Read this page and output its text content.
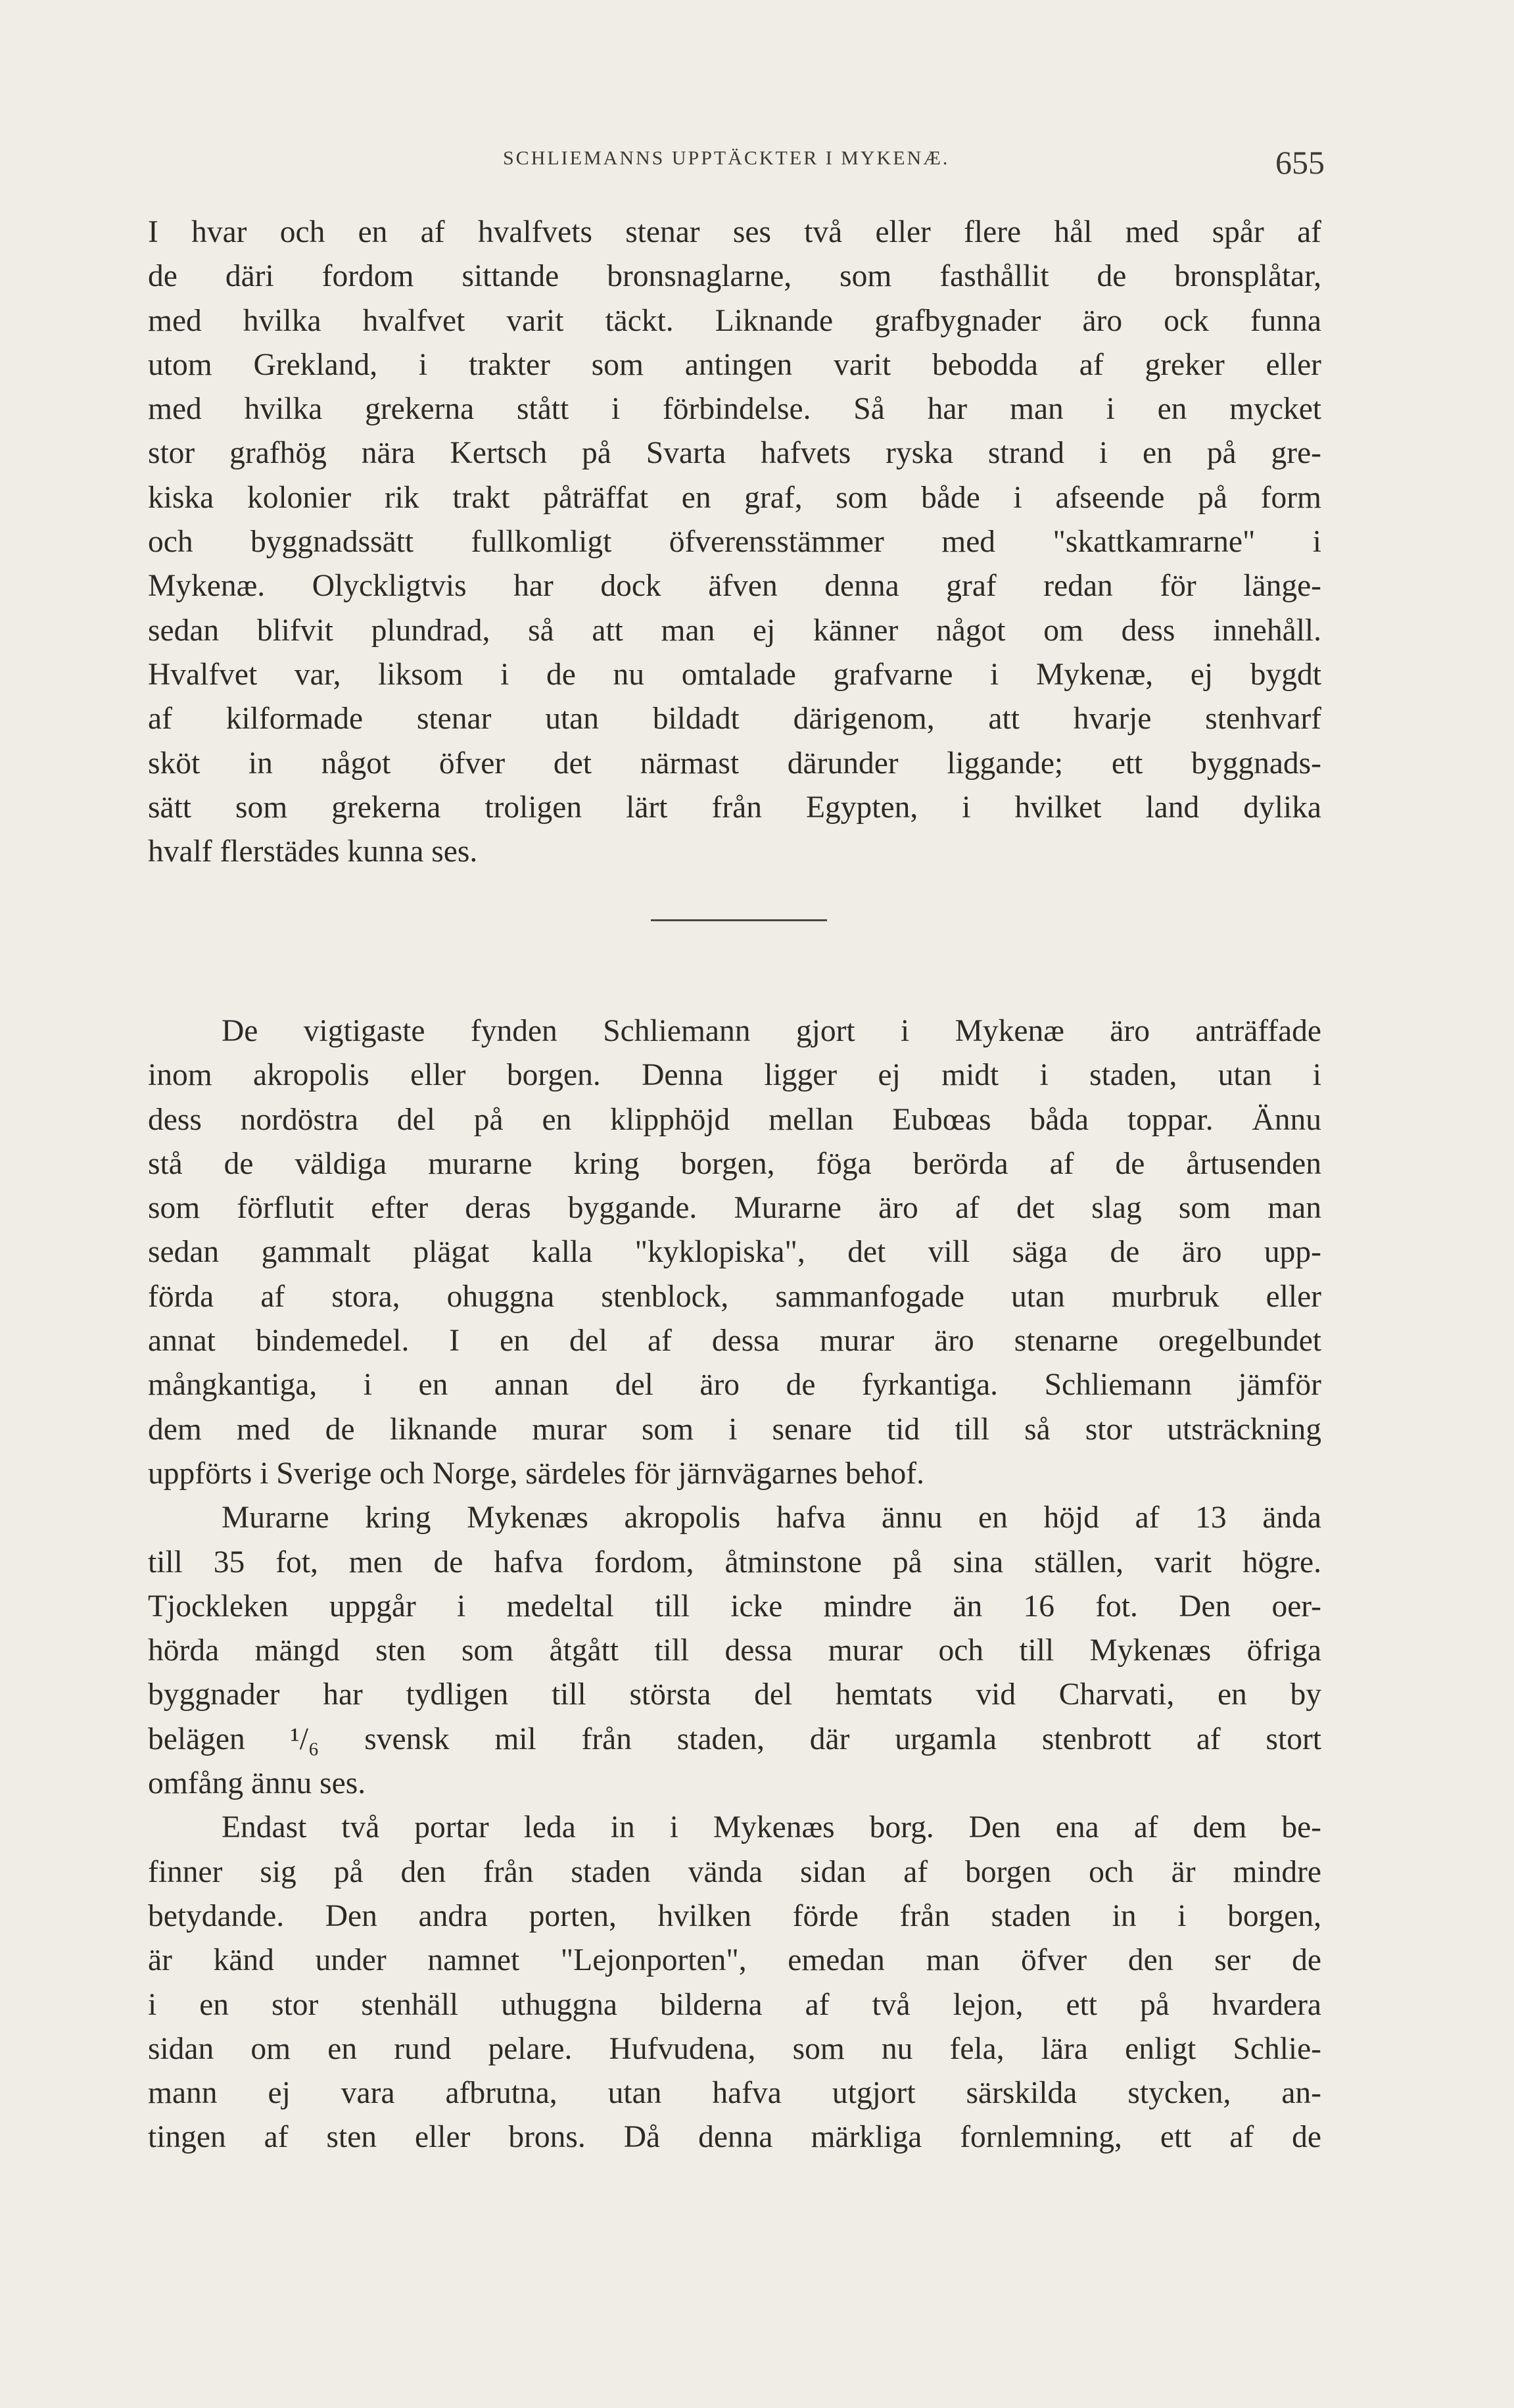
SCHLIEMANNS UPPTÄCKTER I MYKENÆ.	655
I hvar och en af hvalfvets stenar ses två eller flere hål med spår af
de däri fordom sittande bronsnaglarne, som fasthållit de bronsplåtar,
med hvilka hvalfvet varit täckt. Liknande grafbygnader äro ock funna
utom Grekland, i trakter som antingen varit bebodda af greker eller
med hvilka grekerna stått i förbindelse. Så har man i en mycket
stor grafhög nära Kertsch på Svarta hafvets ryska strand i en på gre-
kiska kolonier rik trakt påträffat en graf, som både i afseende på form
och byggnadssätt fullkomligt öfverensstämmer med "skattkamrarne" i
Mykenæ. Olyckligtvis har dock äfven denna graf redan för länge-
sedan blifvit plundrad, så att man ej känner något om dess innehåll.
Hvalfvet var, liksom i de nu omtalade grafvarne i Mykenæ, ej bygdt
af kilformade stenar utan bildadt därigenom, att hvarje stenhvarf
sköt in något öfver det närmast därunder liggande; ett byggnads-
sätt som grekerna troligen lärt från Egypten, i hvilket land dylika
hvalf flerstädes kunna ses.
De vigtigaste fynden Schliemann gjort i Mykenæ äro anträffade
inom akropolis eller borgen. Denna ligger ej midt i staden, utan i
dess nordöstra del på en klipphöjd mellan Eubœas båda toppar. Ännu
stå de väldiga murarne kring borgen, föga berörda af de årtusenden
som förflutit efter deras byggande. Murarne äro af det slag som man
sedan gammalt plägat kalla "kyklopiska", det vill säga de äro upp-
förda af stora, ohuggna stenblock, sammanfogade utan murbruk eller
annat bindemedel. I en del af dessa murar äro stenarne oregelbundet
mångkantiga, i en annan del äro de fyrkantiga. Schliemann jämför
dem med de liknande murar som i senare tid till så stor utsträckning
uppförts i Sverige och Norge, särdeles för järnvägarnes behof.
Murarne kring Mykenæs akropolis hafva ännu en höjd af 13 ända
till 35 fot, men de hafva fordom, åtminstone på sina ställen, varit högre.
Tjockleken uppgår i medeltal till icke mindre än 16 fot. Den oer-
hörda mängd sten som åtgått till dessa murar och till Mykenæs öfriga
byggnader har tydligen till största del hemtats vid Charvati, en by
belägen ¹/₆ svensk mil från staden, där urgamla stenbrott af stort
omfång ännu ses.
Endast två portar leda in i Mykenæs borg. Den ena af dem be-
finner sig på den från staden vända sidan af borgen och är mindre
betydande. Den andra porten, hvilken förde från staden in i borgen,
är känd under namnet "Lejonporten", emedan man öfver den ser de
i en stor stenhäll uthuggna bilderna af två lejon, ett på hvardera
sidan om en rund pelare. Hufvudena, som nu fela, lära enligt Schlie-
mann ej vara afbrutna, utan hafva utgjort särskilda stycken, an-
tingen af sten eller brons. Då denna märkliga fornlemning, ett af de
